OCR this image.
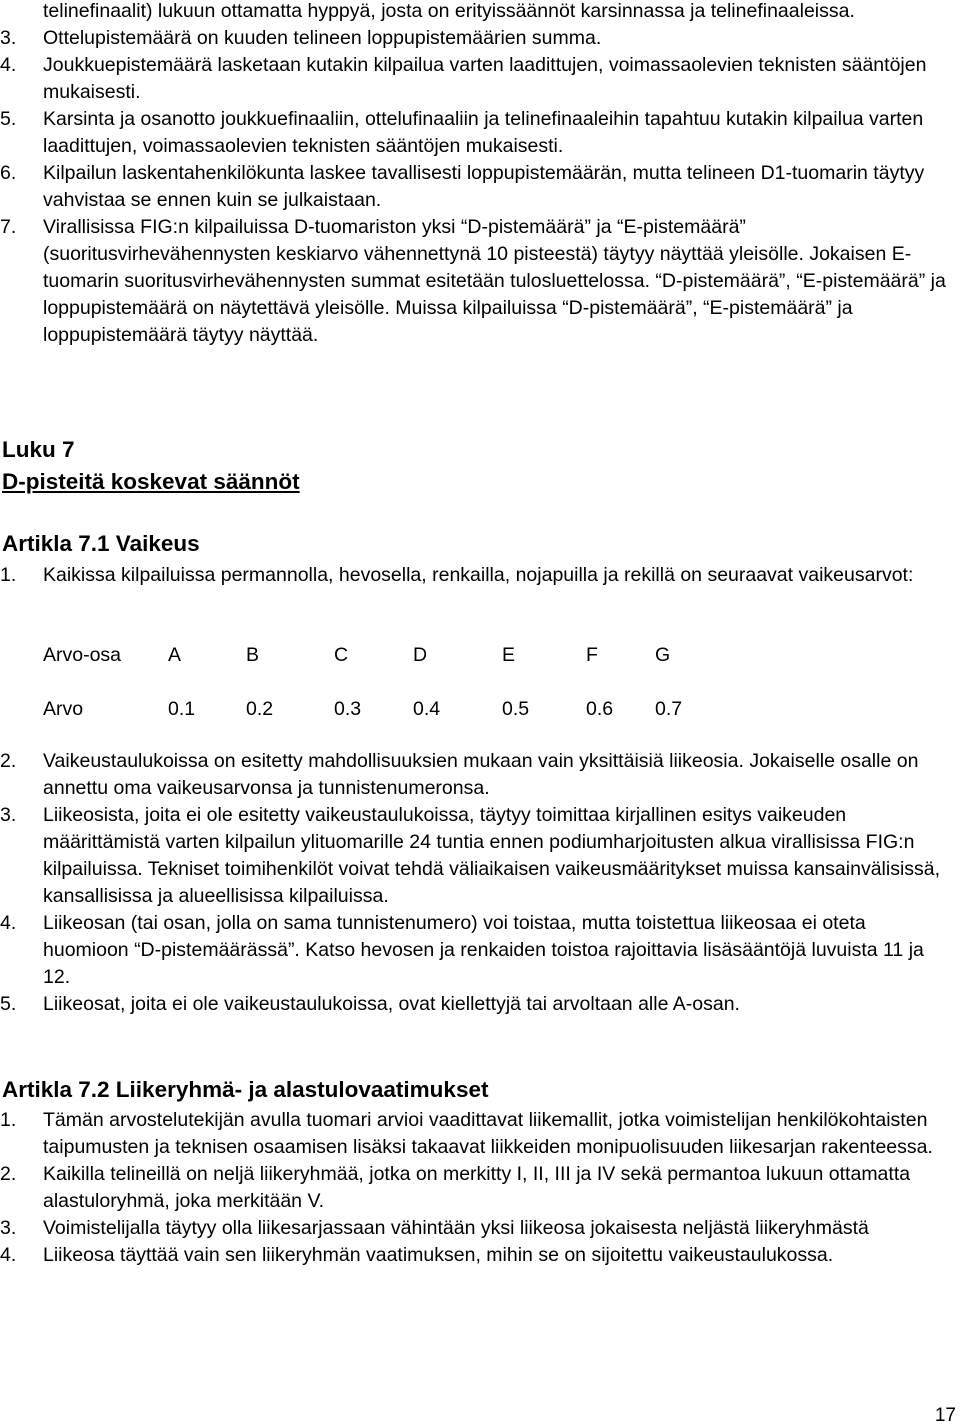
telinefinaalit) lukuun ottamatta hyppyä, josta on erityissäännöt karsinnassa ja telinefinaaleissa.
3.	Ottelupistemäärä on kuuden telineen loppupistemäärien summa.
4.	Joukkuepistemäärä lasketaan kutakin kilpailua varten laadittujen, voimassaolevien teknisten sääntöjen mukaisesti.
5.	Karsinta ja osanotto joukkuefinaaliin, ottelufinaaliin ja telinefinaaleihin tapahtuu kutakin kilpailua varten laadittujen, voimassaolevien teknisten sääntöjen mukaisesti.
6.	Kilpailun laskentahenkilökunta laskee tavallisesti loppupistemäärän, mutta telineen D1-tuomarin täytyy vahvistaa se ennen kuin se julkaistaan.
7.	Virallisissa FIG:n kilpailuissa D-tuomariston yksi “D-pistemäärä” ja “E-pistemäärä” (suoritusvirhevähennysten keskiarvo vähennettynä 10 pisteestä) täytyy näyttää yleisölle. Jokaisen E-tuomarin suoritusvirhevähennysten summat esitetään tulosluettelossa. “D-pistemäärä”, “E-pistemäärä” ja loppupistemäärä on näytettävä yleisölle. Muissa kilpailuissa “D-pistemäärä”, “E-pistemäärä” ja loppupistemäärä täytyy näyttää.
Luku 7
D-pisteitä koskevat säännöt
Artikla 7.1 Vaikeus
1.	Kaikissa kilpailuissa permannolla, hevosella, renkailla, nojapuilla ja rekillä on seuraavat vaikeusarvot:
Arvo-osa A	B	C	D	E	F	G
Arvo	0.1	0.2	0.3	0.4	0.5	0.6 0.7
2.	Vaikeustaulukoissa on esitetty mahdollisuuksien mukaan vain yksittäisiä liikeosia. Jokaiselle osalle on annettu oma vaikeusarvonsa ja tunnistenumeronsa.
3.	Liikeosista, joita ei ole esitetty vaikeustaulukoissa, täytyy toimittaa kirjallinen esitys vaikeuden määrittämistä varten kilpailun ylituomarille 24 tuntia ennen podiumharjoitusten alkua virallisissa FIG:n kilpailuissa. Tekniset toimihenkilöt voivat tehdä väliaikaisen vaikeusmääritykset muissa kansainvälisissä, kansallisissa ja alueellisissa kilpailuissa.
4.	Liikeosan (tai osan, jolla on sama tunnistenumero) voi toistaa, mutta toistettua liikeosaa ei oteta huomioon “D-pistemäärässä”. Katso hevosen ja renkaiden toistoa rajoittavia lisäsääntöjä luvuista 11 ja 12.
5.	Liikeosat, joita ei ole vaikeustaulukoissa, ovat kiellettyjä tai arvoltaan alle A-osan.
Artikla 7.2 Liikeryhmä- ja alastulovaatimukset
1.	Tämän arvostelutekijän avulla tuomari arvioi vaadittavat liikemallit, jotka voimistelijan henkilökohtaisten taipumusten ja teknisen osaamisen lisäksi takaavat liikkeiden monipuolisuuden liikesarjan rakenteessa.
2.	Kaikilla telineillä on neljä liikeryhmää, jotka on merkitty I, II, III ja IV sekä permantoa lukuun ottamatta alastuloryhmä, joka merkitään V.
3.	Voimistelijalla täytyy olla liikesarjassaan vähintään yksi liikeosa jokaisesta neljästä liikeryhmästä
4.	Liikeosa täyttää vain sen liikeryhmän vaatimuksen, mihin se on sijoitettu vaikeustaulukossa.
17
